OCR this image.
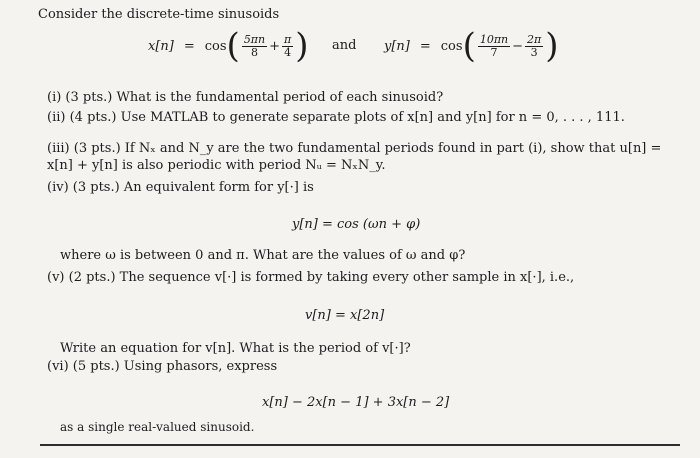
Consider the discrete-time sinusoids
x[n] = cos ( $\frac{5\pi n}{8} + \frac{\pi}{4}$ ) and y[n] = cos ( $\frac{10\pi n}{7} - \frac{2\pi}{3}$ )
(i) (3 pts.) What is the fundamental period of each sinusoid?
(ii) (4 pts.) Use MATLAB to generate separate plots of x[n] and y[n] for n = 0, . . . , 111.
(iii) (3 pts.) If Nₓ and N_y are the two fundamental periods found in part (i), show that u[n] =
x[n] + y[n] is also periodic with period Nᵤ = NₓN_y.
(iv) (3 pts.) An equivalent form for y[·] is
y[n] = cos (ωn + φ)
where ω is between 0 and π. What are the values of ω and φ?
(v) (2 pts.) The sequence v[·] is formed by taking every other sample in x[·], i.e.,
v[n] = x[2n]
Write an equation for v[n]. What is the period of v[·]?
(vi) (5 pts.) Using phasors, express
x[n] − 2x[n − 1] + 3x[n − 2]
as a single real-valued sinusoid.
